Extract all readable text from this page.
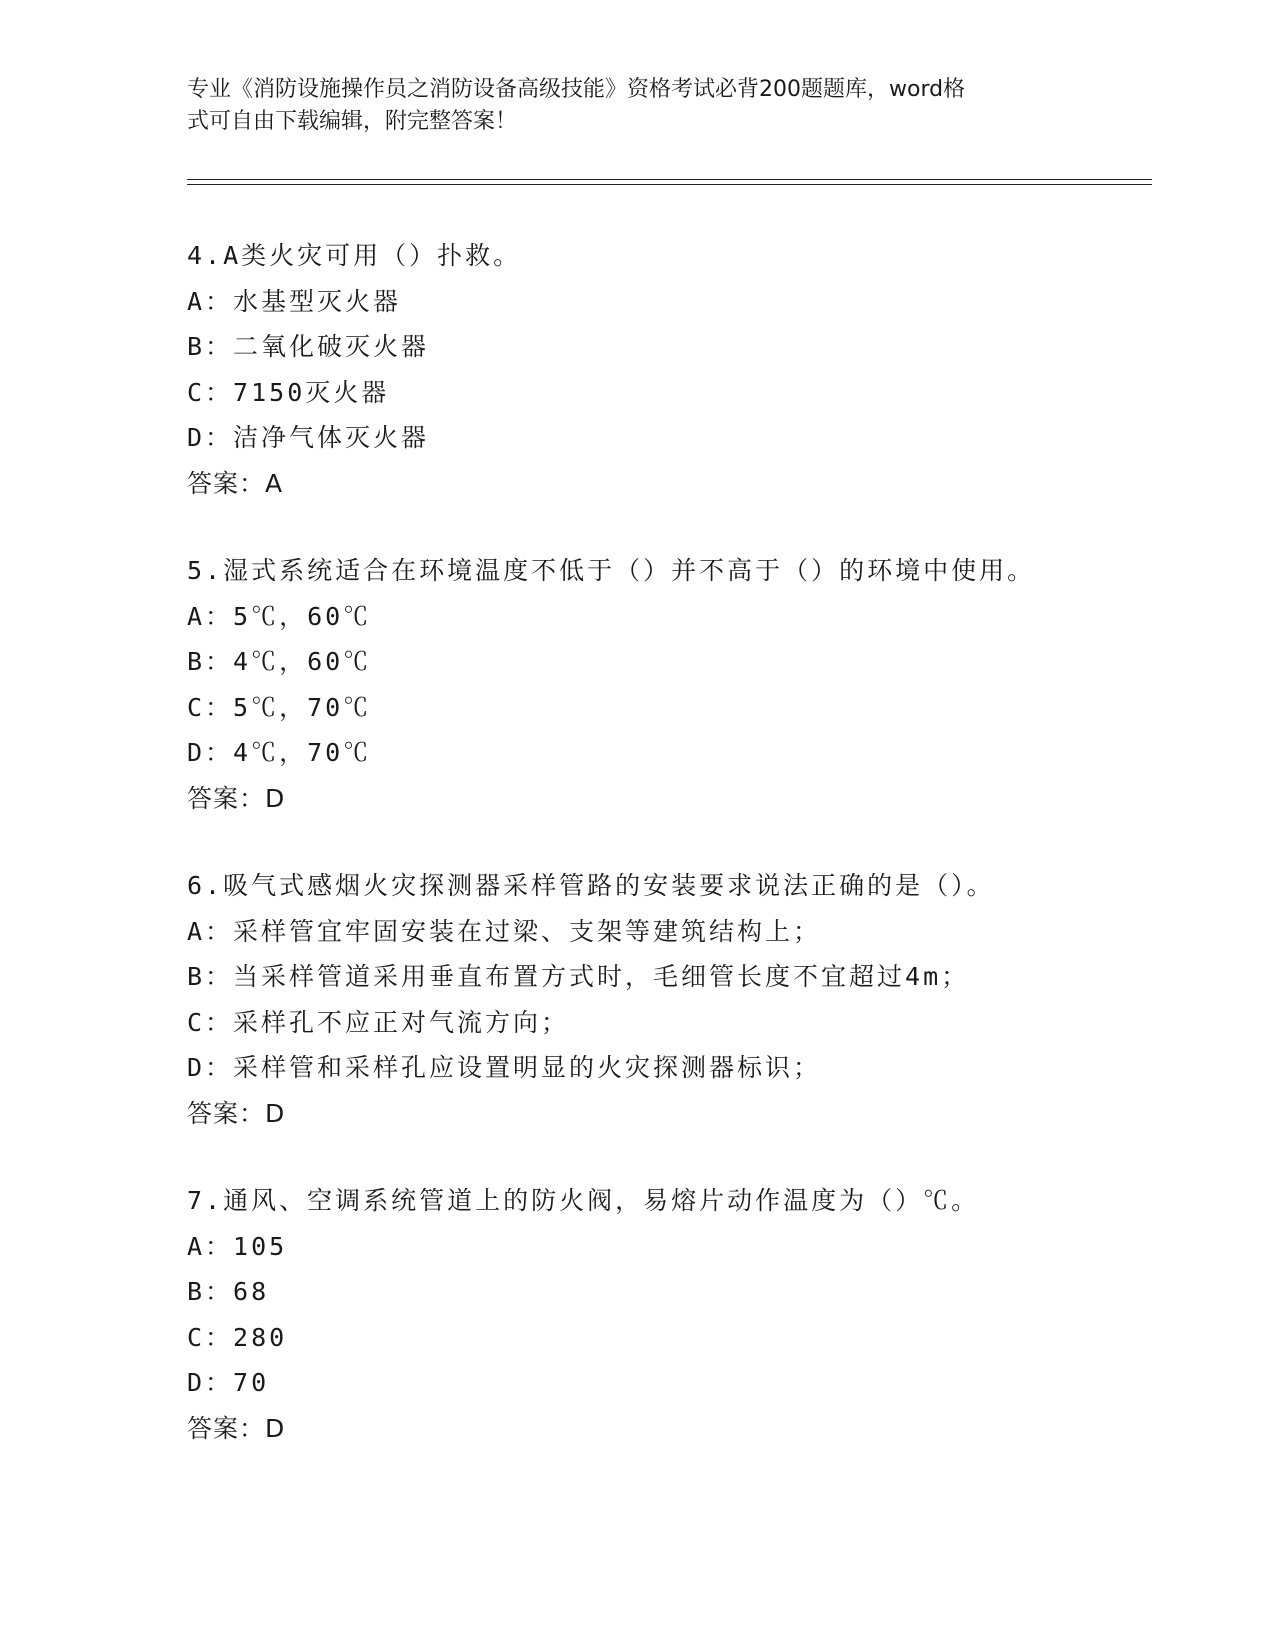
专业《消防设施操作员之消防设备高级技能》资格考试必背200题题库，word格
式可自由下载编辑，附完整答案！
4.A类火灾可用（）扑救。
A：水基型灭火器
B：二氧化破灭火器
C：7150灭火器
D：洁净气体灭火器
答案：A
5.湿式系统适合在环境温度不低于（）并不高于（）的环境中使用。
A：5℃，60℃
B：4℃，60℃
C：5℃，70℃
D：4℃，70℃
答案：D
6.吸气式感烟火灾探测器采样管路的安装要求说法正确的是（）。
A：采样管宜牢固安装在过梁、支架等建筑结构上；
B：当采样管道采用垂直布置方式时，毛细管长度不宜超过4m；
C：采样孔不应正对气流方向；
D：采样管和采样孔应设置明显的火灾探测器标识；
答案：D
7.通风、空调系统管道上的防火阀，易熔片动作温度为（）℃。
A：105
B：68
C：280
D：70
答案：D
